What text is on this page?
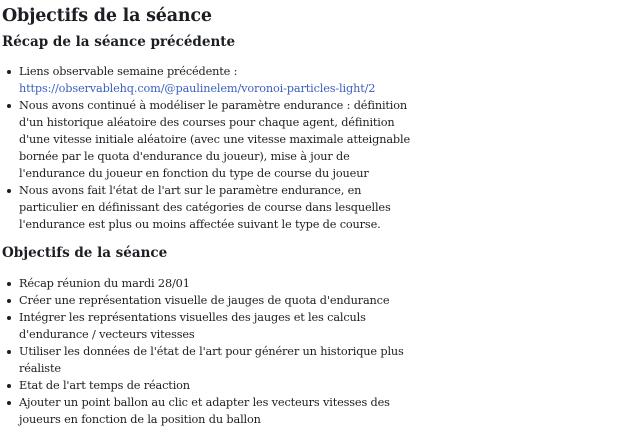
Objectifs de la séance
Récap de la séance précédente
Liens observable semaine précédente :
https://observablehq.com/@paulinelem/voronoi-particles-light/2
Nous avons continué à modéliser le paramètre endurance : définition d'un historique aléatoire des courses pour chaque agent, définition d'une vitesse initiale aléatoire (avec une vitesse maximale atteignable bornée par le quota d'endurance du joueur), mise à jour de l'endurance du joueur en fonction du type de course du joueur
Nous avons fait l'état de l'art sur le paramètre endurance, en particulier en définissant des catégories de course dans lesquelles l'endurance est plus ou moins affectée suivant le type de course.
Objectifs de la séance
Récap réunion du mardi 28/01
Créer une représentation visuelle de jauges de quota d'endurance
Intégrer les représentations visuelles des jauges et les calculs d'endurance / vecteurs vitesses
Utiliser les données de l'état de l'art pour générer un historique plus réaliste
Etat de l'art temps de réaction
Ajouter un point ballon au clic et adapter les vecteurs vitesses des joueurs en fonction de la position du ballon
